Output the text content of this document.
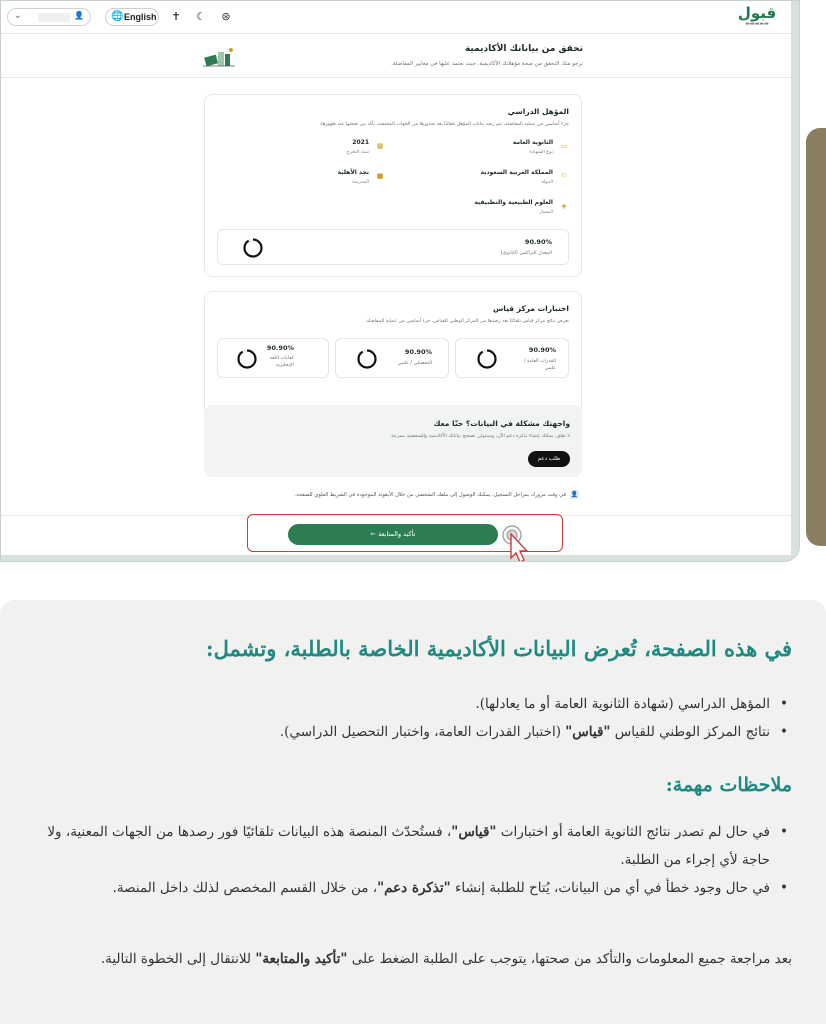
⌄	👤	🌐 English	✝	☾	⊛	قبول
▬▬▬▬▬
تحقق من بياناتك الأكاديمية
نرجو منك التحقق من صحة مؤهلاتك الأكاديمية، حيث نعتمد عليها في معايير المفاضلة.
المؤهل الدراسي
جزء أساسي من عملية المفاضلة، يتم رصد بيانات المؤهل تلقائيًا بعد صدورها من الجهات المختصة، تأكد من صحتها عند ظهورها.
▭
الثانوية العامة
نوع الشهادة
▦
2021
سنة التخرج
⚐
المملكة العربية السعودية
الدولة
■
نجد الأهلية
المدرسة
◈
العلوم الطبيعية والتطبيقية
المسار
90.90%
المعدل التراكمي (الثانوي)
اختبارات مركز قياس
تعرض نتائج مركز قياس تلقائيًا بعد رصدها من المركز الوطني للقياس، جزء أساسي من عملية المفاضلة.
90.90%
القدرات العامة / علمي
90.90%
التحصيلي / علمي
90.90%
كفايات اللغة الإنجليزية
واجهتك مشكلة في البيانات؟ حنّا معك
لا تقلق، يمكنك إنشاء تذكرة دعم الآن، وسنتولى تصحيح بياناتك الأكاديمية والشخصية بسرعة.
طلب دعم
👤في وقت مرورك بمراحل التسجيل، يمكنك الوصول إلى ملفك الشخصي من خلال الأيقونة الموجودة في الشريط العلوي للصفحة.
← تأكيد والمتابعة
في هذه الصفحة، تُعرض البيانات الأكاديمية الخاصة بالطلبة، وتشمل:
• المؤهل الدراسي (شهادة الثانوية العامة أو ما يعادلها).
• نتائج المركز الوطني للقياس "قياس" (اختبار القدرات العامة، واختبار التحصيل الدراسي).
ملاحظات مهمة:
• في حال لم تصدر نتائج الثانوية العامة أو اختبارات "قياس"، فستُحدّث المنصة هذه البيانات تلقائيًا فور رصدها من الجهات المعنية، ولا حاجة لأي إجراء من الطلبة.
• في حال وجود خطأ في أي من البيانات، يُتاح للطلبة إنشاء "تذكرة دعم"، من خلال القسم المخصص لذلك داخل المنصة.
بعد مراجعة جميع المعلومات والتأكد من صحتها، يتوجب على الطلبة الضغط على "تأكيد والمتابعة" للانتقال إلى الخطوة التالية.
